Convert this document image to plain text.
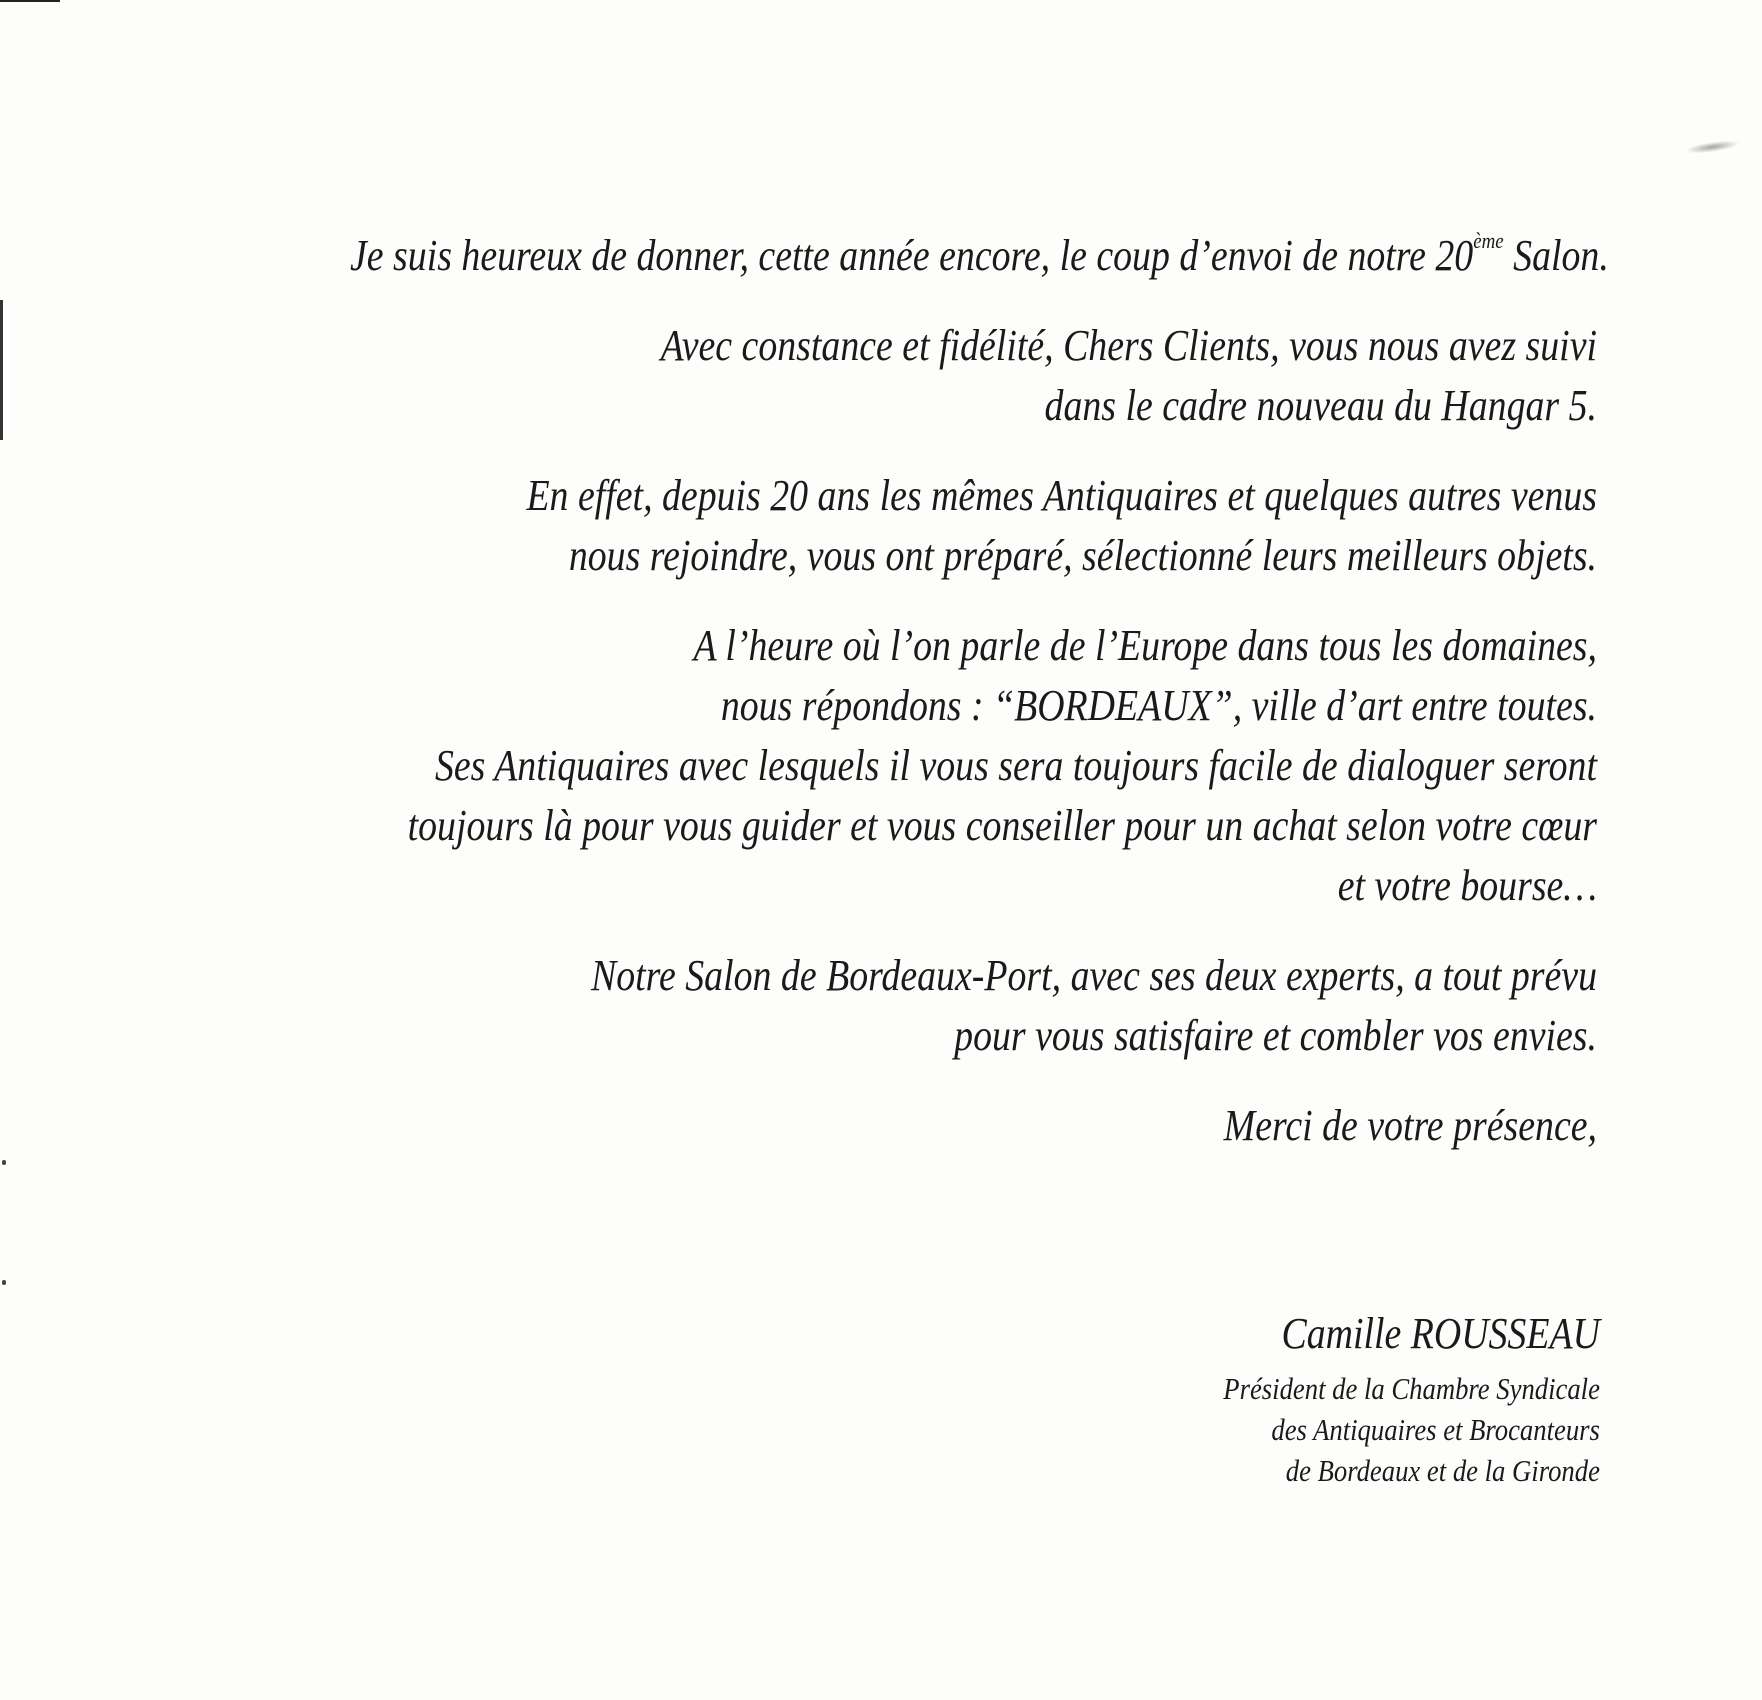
Je suis heureux de donner, cette année encore, le coup d’envoi de notre 20ème Salon.

Avec constance et fidélité, Chers Clients, vous nous avez suivi
dans le cadre nouveau du Hangar 5.

En effet, depuis 20 ans les mêmes Antiquaires et quelques autres venus
nous rejoindre, vous ont préparé, sélectionné leurs meilleurs objets.

A l’heure où l’on parle de l’Europe dans tous les domaines,
nous répondons : “BORDEAUX”, ville d’art entre toutes.
Ses Antiquaires avec lesquels il vous sera toujours facile de dialoguer seront
toujours là pour vous guider et vous conseiller pour un achat selon votre cœur
et votre bourse…

Notre Salon de Bordeaux-Port, avec ses deux experts, a tout prévu
pour vous satisfaire et combler vos envies.

Merci de votre présence,

Camille ROUSSEAU
Président de la Chambre Syndicale
des Antiquaires et Brocanteurs
de Bordeaux et de la Gironde
